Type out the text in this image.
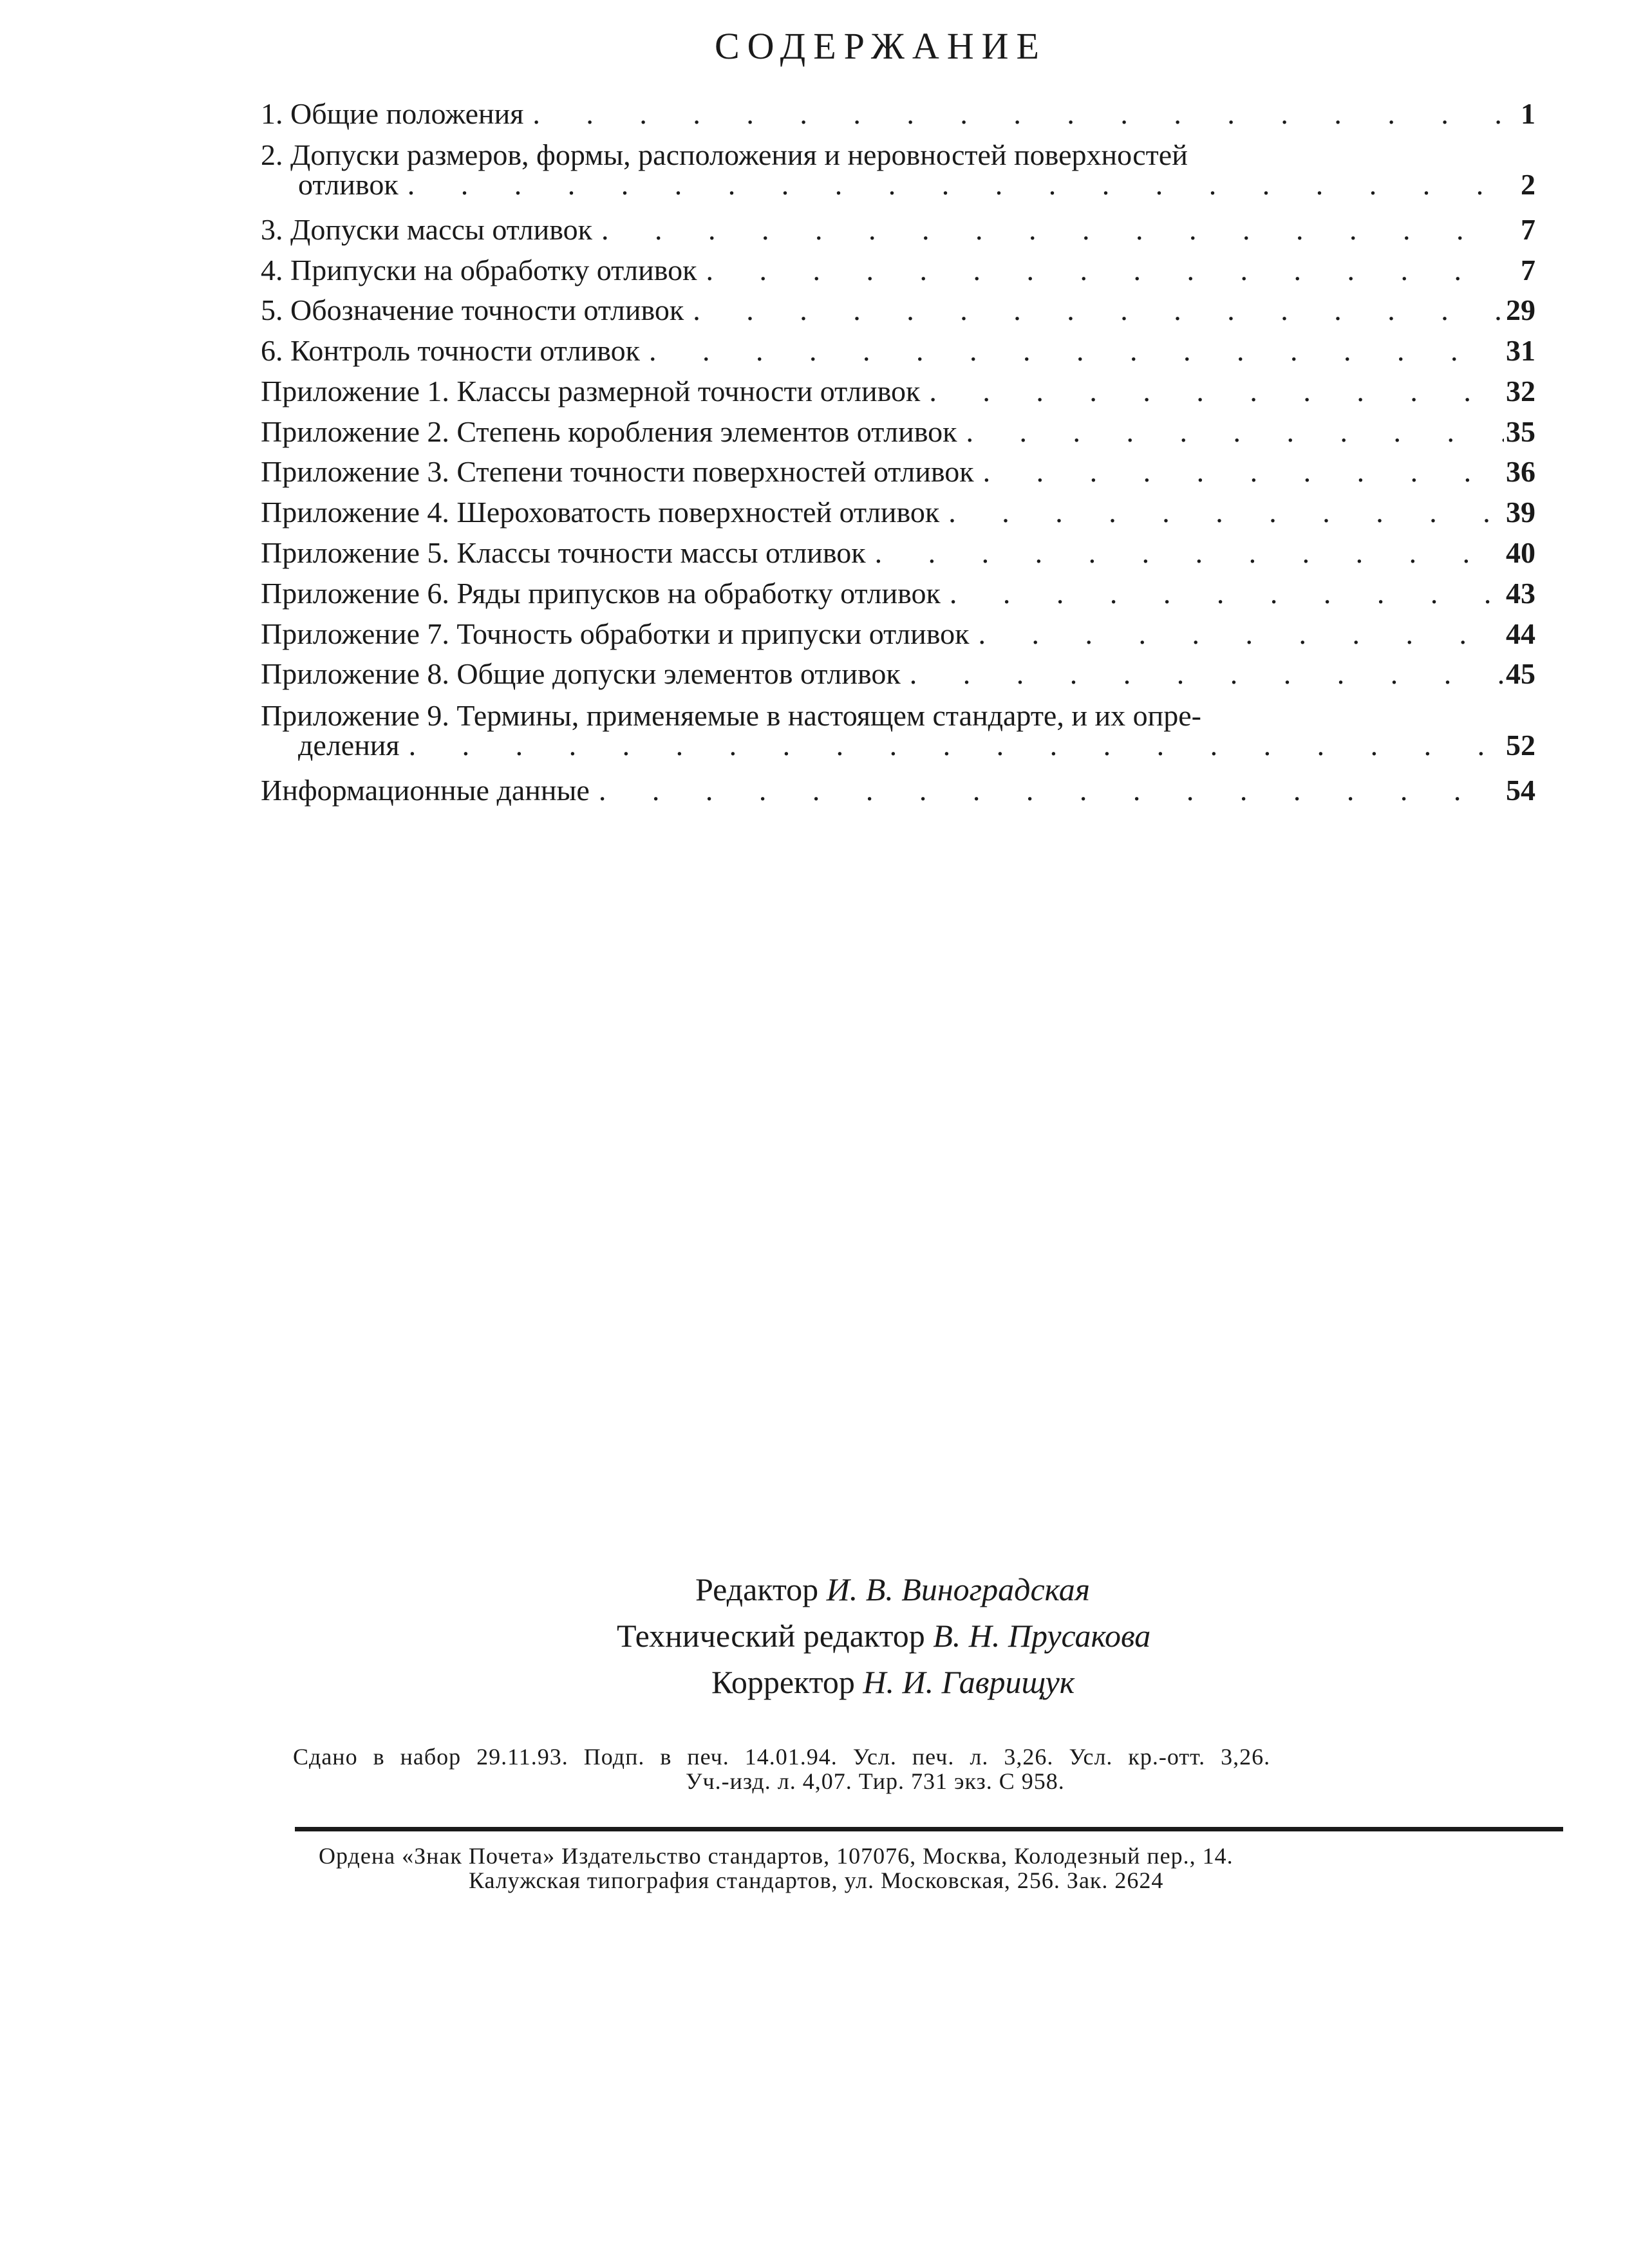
СОДЕРЖАНИЕ
1. Общие положения . . .	1
2. Допуски размеров, формы, расположения и неровностей поверхностей
отливок . . .	2
3. Допуски массы отливок . . .	7
4. Припуски на обработку отливок . . .	7
5. Обозначение точности отливок . . .	29
6. Контроль точности отливок . . .	31
Приложение 1. Классы размерной точности отливок . . .	32
Приложение 2. Степень коробления элементов отливок . . .	35
Приложение 3. Степени точности поверхностей отливок . . .	36
Приложение 4. Шероховатость поверхностей отливок . . .	39
Приложение 5. Классы точности массы отливок . . .	40
Приложение 6. Ряды припусков на обработку отливок . . .	43
Приложение 7. Точность обработки и припуски отливок . . .	44
Приложение 8. Общие допуски элементов отливок . . .	45
Приложение 9. Термины, применяемые в настоящем стандарте, и их опре-
деления . . .	52
Информационные данные . . .	54
Редактор И. В. Виноградская
Технический редактор В. Н. Прусакова
Корректор Н. И. Гаврищук
Сдано в набор 29.11.93. Подп. в печ. 14.01.94. Усл. печ. л. 3,26. Усл. кр.-отт. 3,26.
Уч.-изд. л. 4,07. Тир. 731 экз. С 958.
Ордена «Знак Почета» Издательство стандартов, 107076, Москва, Колодезный пер., 14.
Калужская типография стандартов, ул. Московская, 256. Зак. 2624
